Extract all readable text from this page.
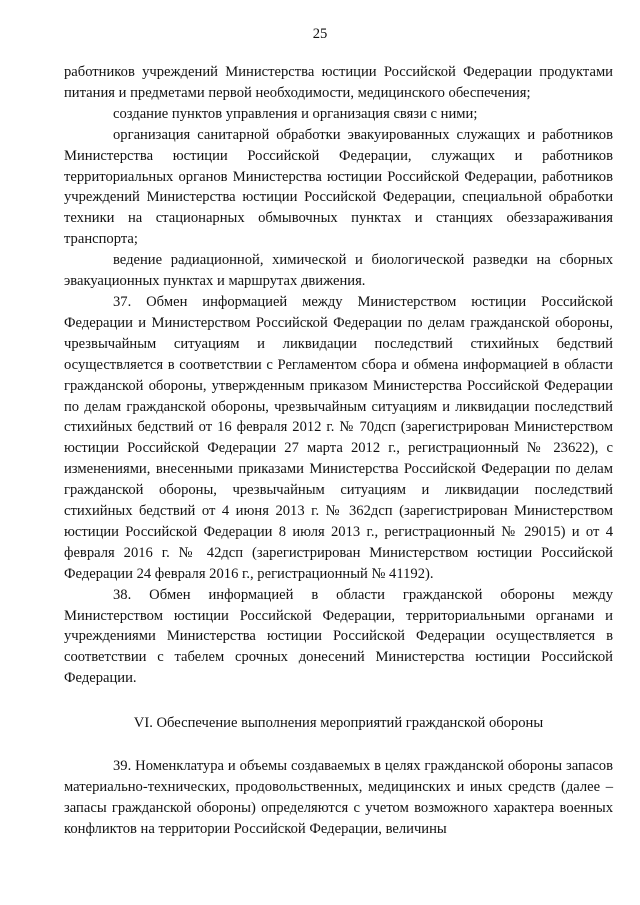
25

работников учреждений Министерства юстиции Российской Федерации продуктами питания и предметами первой необходимости, медицинского обеспечения;

создание пунктов управления и организация связи с ними;

организация санитарной обработки эвакуированных служащих и работников Министерства юстиции Российской Федерации, служащих и работников территориальных органов Министерства юстиции Российской Федерации, работников учреждений Министерства юстиции Российской Федерации, специальной обработки техники на стационарных обмывочных пунктах и станциях обеззараживания транспорта;

ведение радиационной, химической и биологической разведки на сборных эвакуационных пунктах и маршрутах движения.

37. Обмен информацией между Министерством юстиции Российской Федерации и Министерством Российской Федерации по делам гражданской обороны, чрезвычайным ситуациям и ликвидации последствий стихийных бедствий осуществляется в соответствии с Регламентом сбора и обмена информацией в области гражданской обороны, утвержденным приказом Министерства Российской Федерации по делам гражданской обороны, чрезвычайным ситуациям и ликвидации последствий стихийных бедствий от 16 февраля 2012 г. № 70дсп (зарегистрирован Министерством юстиции Российской Федерации 27 марта 2012 г., регистрационный № 23622), с изменениями, внесенными приказами Министерства Российской Федерации по делам гражданской обороны, чрезвычайным ситуациям и ликвидации последствий стихийных бедствий от 4 июня 2013 г. № 362дсп (зарегистрирован Министерством юстиции Российской Федерации 8 июля 2013 г., регистрационный № 29015) и от 4 февраля 2016 г. № 42дсп (зарегистрирован Министерством юстиции Российской Федерации 24 февраля 2016 г., регистрационный № 41192).

38. Обмен информацией в области гражданской обороны между Министерством юстиции Российской Федерации, территориальными органами и учреждениями Министерства юстиции Российской Федерации осуществляется в соответствии с табелем срочных донесений Министерства юстиции Российской Федерации.

VI. Обеспечение выполнения мероприятий гражданской обороны

39. Номенклатура и объемы создаваемых в целях гражданской обороны запасов материально-технических, продовольственных, медицинских и иных средств (далее – запасы гражданской обороны) определяются с учетом возможного характера военных конфликтов на территории Российской Федерации, величины
